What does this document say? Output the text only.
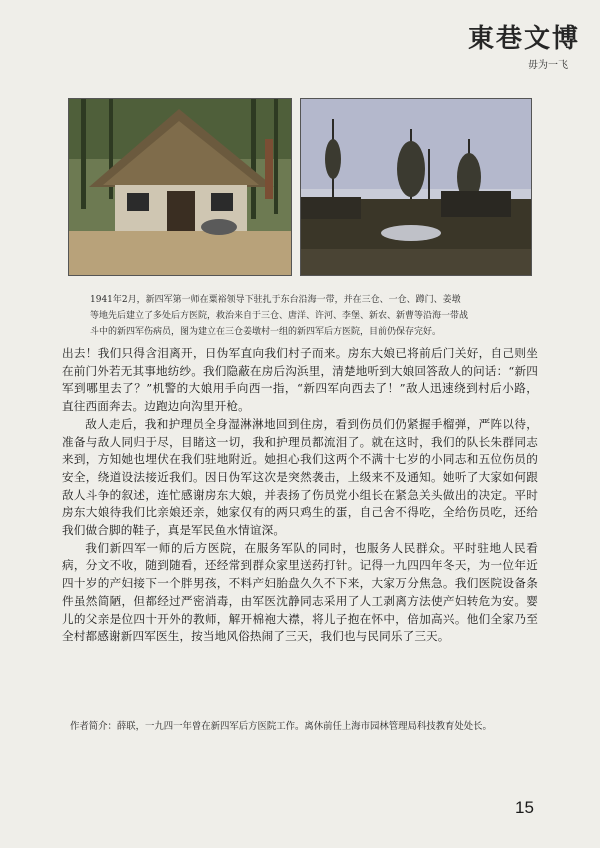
東巷文博
毋为一飞

1941年2月，新四军第一师在粟裕领导下驻扎于东台沿海一带，并在三仓、一仓、蹲门、姜墩

等地先后建立了多处后方医院，救治来自于三仓、唐洋、许河、李堡、新农、新曹等沿海一带战

斗中的新四军伤病员，图为建立在三仓姜墩村一组的新四军后方医院，目前仍保存完好。

出去！我们只得含泪离开，日伪军直向我们村子而来。房东大娘已将前后门关好，自己则坐在前门外若无其事地纺纱。我们隐蔽在房后沟浜里，清楚地听到大娘回答敌人的问话：“新四军到哪里去了？”机警的大娘用手向西一指，“新四军向西去了！”敌人迅速绕到村后小路，直往西面奔去。边跑边向沟里开枪。

敌人走后，我和护理员全身湿淋淋地回到住房，看到伤员们仍紧握手榴弹，严阵以待，准备与敌人同归于尽，目睹这一切，我和护理员都流泪了。就在这时，我们的队长朱群同志来到，方知她也埋伏在我们驻地附近。她担心我们这两个不满十七岁的小同志和五位伤员的安全，绕道设法接近我们。因日伪军这次是突然袭击，上级来不及通知。她听了大家如何跟敌人斗争的叙述，连忙感谢房东大娘，并表扬了伤员党小组长在紧急关头做出的决定。平时房东大娘待我们比亲娘还亲，她家仅有的两只鸡生的蛋，自己舍不得吃，全给伤员吃，还给我们做合脚的鞋子，真是军民鱼水情谊深。

我们新四军一师的后方医院，在服务军队的同时，也服务人民群众。平时驻地人民看病，分文不收，随到随看，还经常到群众家里送药打针。记得一九四四年冬天，为一位年近四十岁的产妇接下一个胖男孩，不料产妇胎盘久久不下来，大家万分焦急。我们医院设备条件虽然简陋，但都经过严密消毒，由军医沈静同志采用了人工剥离方法使产妇转危为安。婴儿的父亲是位四十开外的教师，解开棉袍大襟，将儿子抱在怀中，倍加高兴。他们全家乃至全村都感谢新四军医生，按当地风俗热闹了三天，我们也与民同乐了三天。

作者简介：薛联，一九四一年曾在新四军后方医院工作。离休前任上海市园林管理局科技教育处处长。
15
